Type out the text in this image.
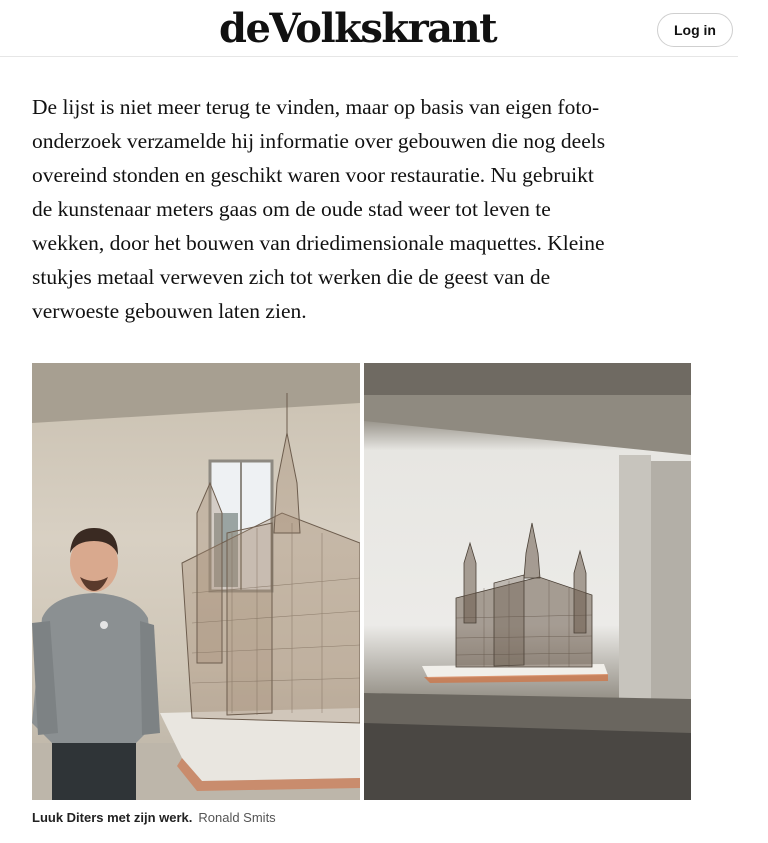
deVolkskrant	Log in
De lijst is niet meer terug te vinden, maar op basis van eigen foto-
onderzoek verzamelde hij informatie over gebouwen die nog deels
overeind stonden en geschikt waren voor restauratie. Nu gebruikt
de kunstenaar meters gaas om de oude stad weer tot leven te
wekken, door het bouwen van driedimensionale maquettes. Kleine
stukjes metaal verweven zich tot werken die de geest van de
verwoeste gebouwen laten zien.
Luuk Diters met zijn werk. Ronald Smits
